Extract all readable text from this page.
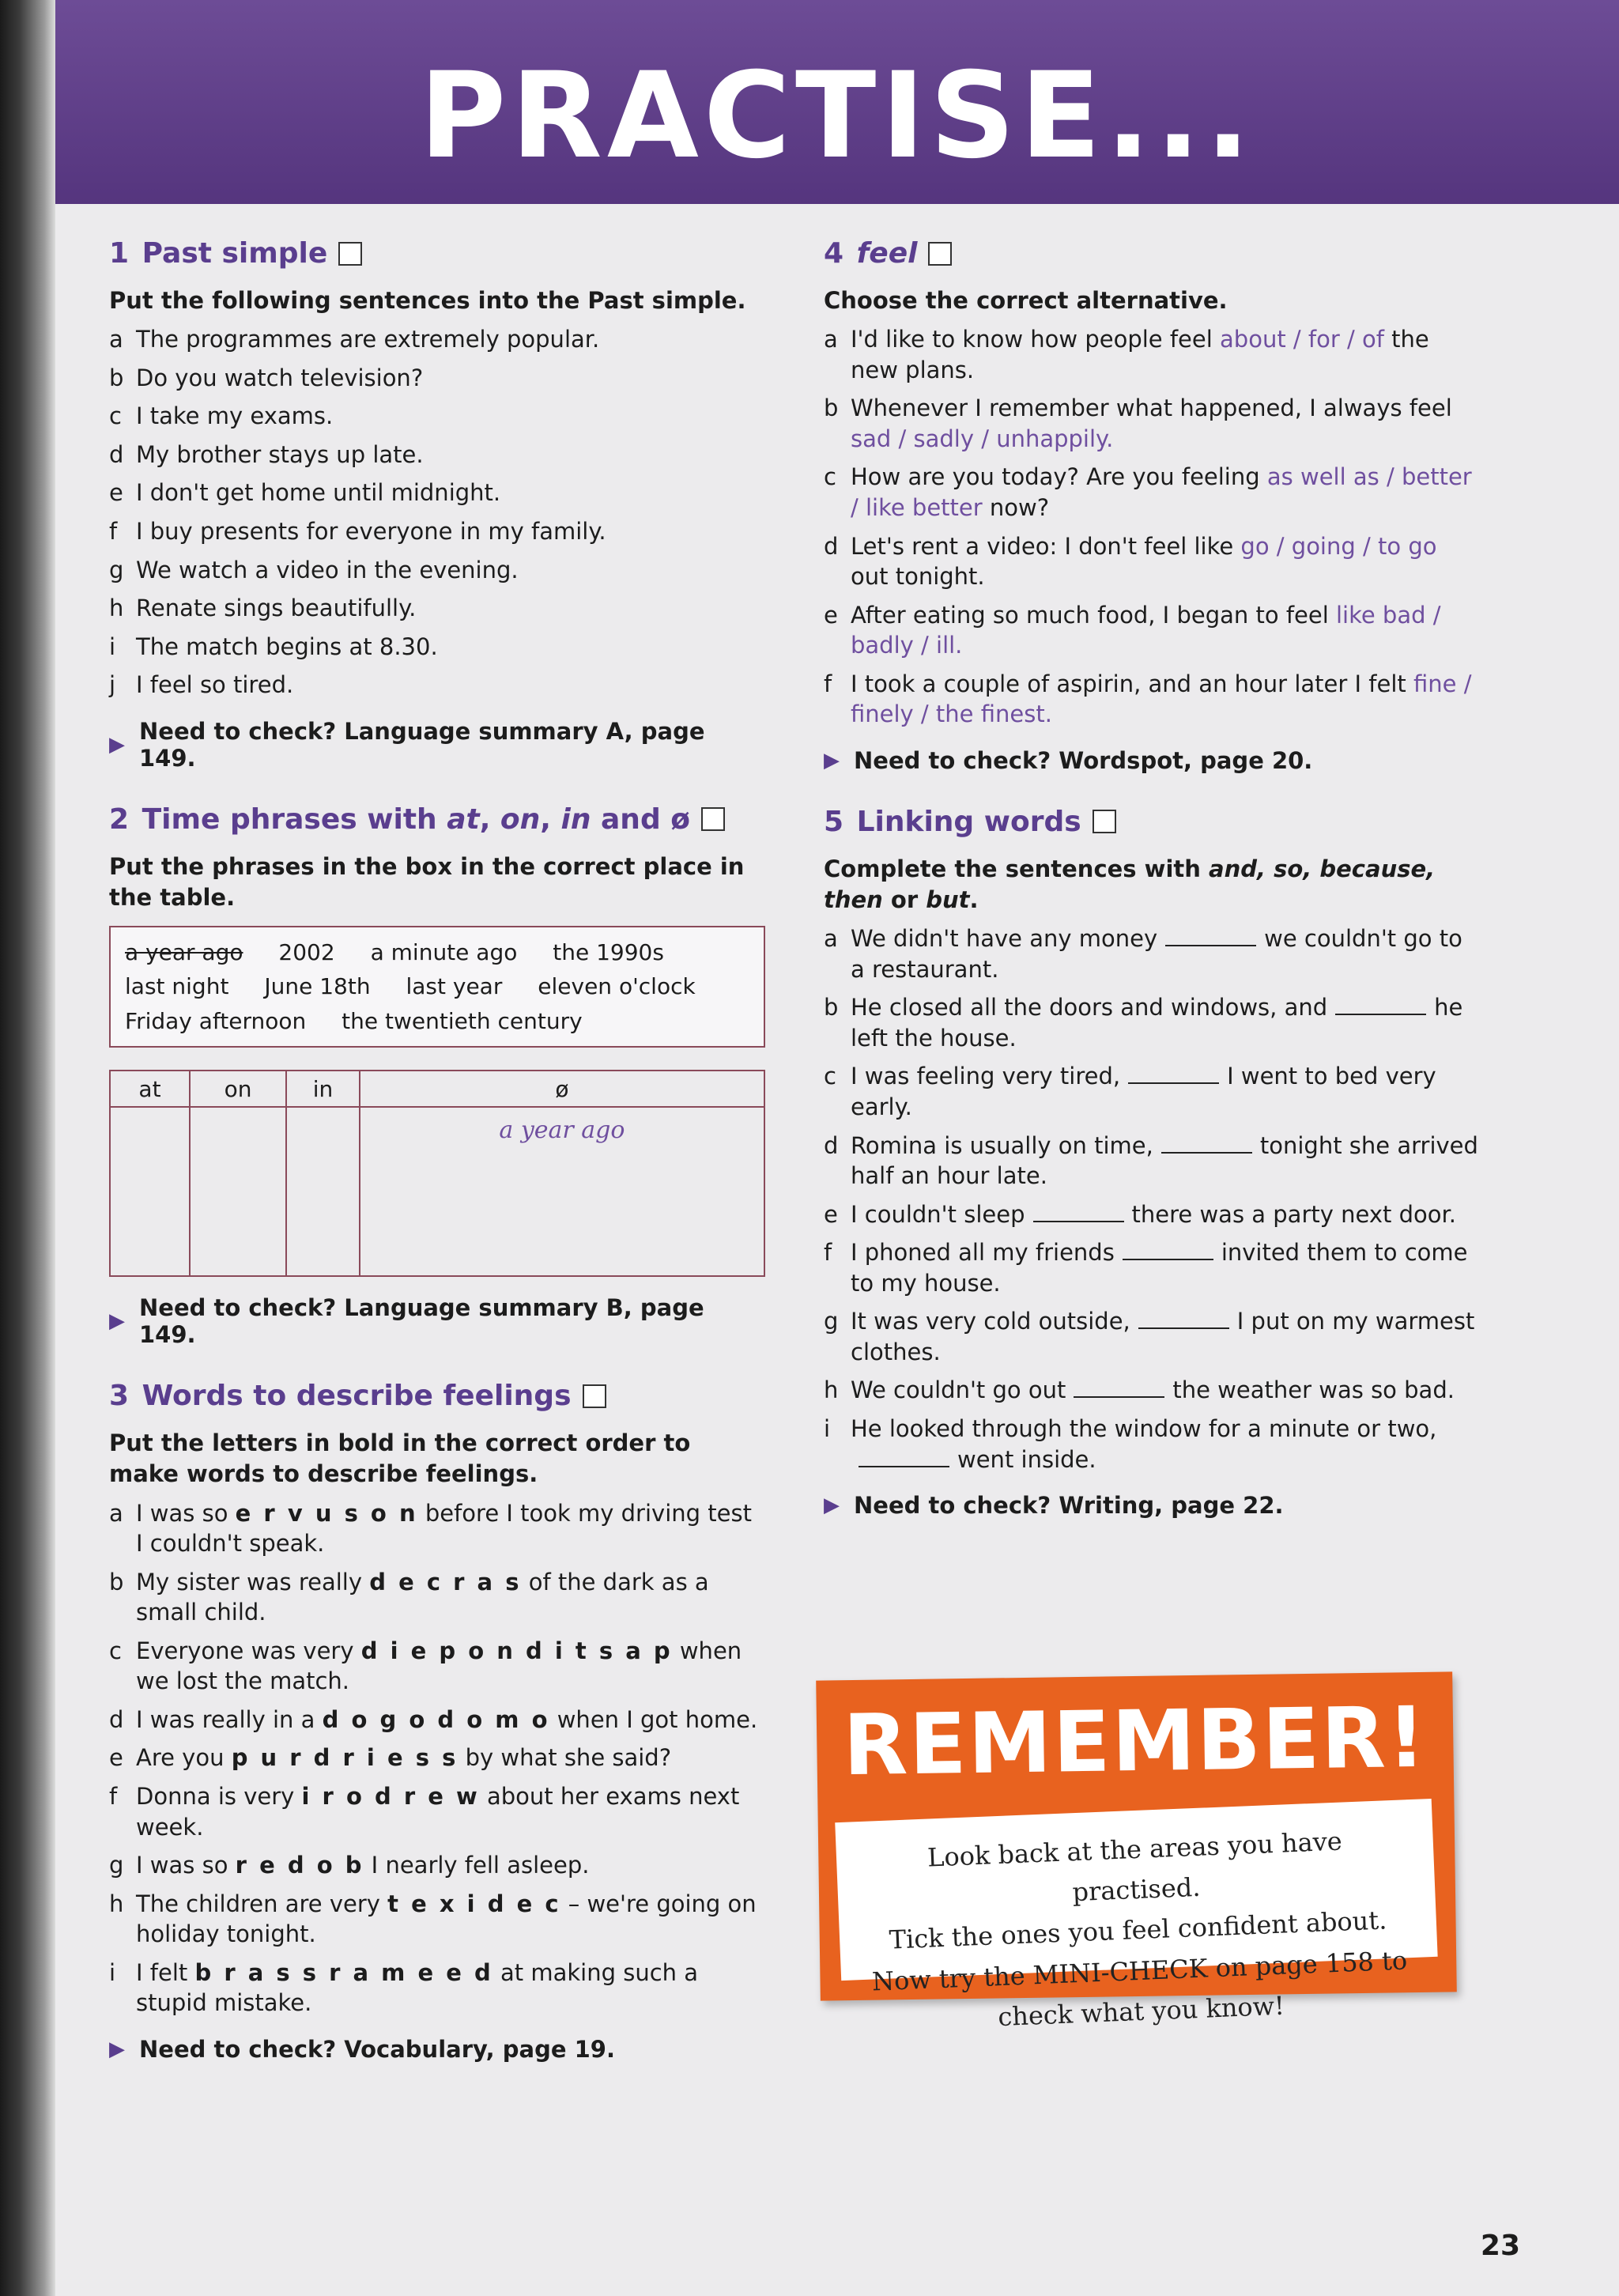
PRACTISE...
1 Past simple
Put the following sentences into the Past simple.
a The programmes are extremely popular.
b Do you watch television?
c I take my exams.
d My brother stays up late.
e I don't get home until midnight.
f I buy presents for everyone in my family.
g We watch a video in the evening.
h Renate sings beautifully.
i The match begins at 8.30.
j I feel so tired.
▶ Need to check? Language summary A, page 149.
2 Time phrases with at, on, in and ø
Put the phrases in the box in the correct place in the table.
a year ago 2002 a minute ago the 1990s
last night June 18th last year eleven o'clock
Friday afternoon the twentieth century
at	on	in	ø

			a year ago
▶ Need to check? Language summary B, page 149.
3 Words to describe feelings
Put the letters in bold in the correct order to make words to describe feelings.
a I was so e r v u s o n before I took my driving test I couldn't speak.
b My sister was really d e c r a s of the dark as a small child.
c Everyone was very d i e p o n d i t s a p when we lost the match.
d I was really in a d o g o d o m o when I got home.
e Are you p u r d r i e s s by what she said?
f Donna is very i r o d r e w about her exams next week.
g I was so r e d o b I nearly fell asleep.
h The children are very t e x i d e c – we're going on holiday tonight.
i I felt b r a s s r a m e e d at making such a stupid mistake.
▶ Need to check? Vocabulary, page 19.
4 feel
Choose the correct alternative.
a I'd like to know how people feel about / for / of the new plans.
b Whenever I remember what happened, I always feel sad / sadly / unhappily.
c How are you today? Are you feeling as well as / better / like better now?
d Let's rent a video: I don't feel like go / going / to go out tonight.
e After eating so much food, I began to feel like bad / badly / ill.
f I took a couple of aspirin, and an hour later I felt fine / finely / the finest.
▶ Need to check? Wordspot, page 20.
5 Linking words
Complete the sentences with and, so, because, then or but.
a We didn't have any money	we couldn't go to a restaurant.
b He closed all the doors and windows, and	he left the house.
c I was feeling very tired,	I went to bed very early.
d Romina is usually on time,	tonight she arrived half an hour late.
e I couldn't sleep	there was a party next door.
f I phoned all my friends	invited them to come to my house.
g It was very cold outside,	I put on my warmest clothes.
h We couldn't go out	the weather was so bad.
i He looked through the window for a minute or two,went inside.
▶ Need to check? Writing, page 22.
REMEMBER!
Look back at the areas you have practised.
Tick the ones you feel confident about.
Now try the MINI-CHECK on page 158 to
check what you know!
23
